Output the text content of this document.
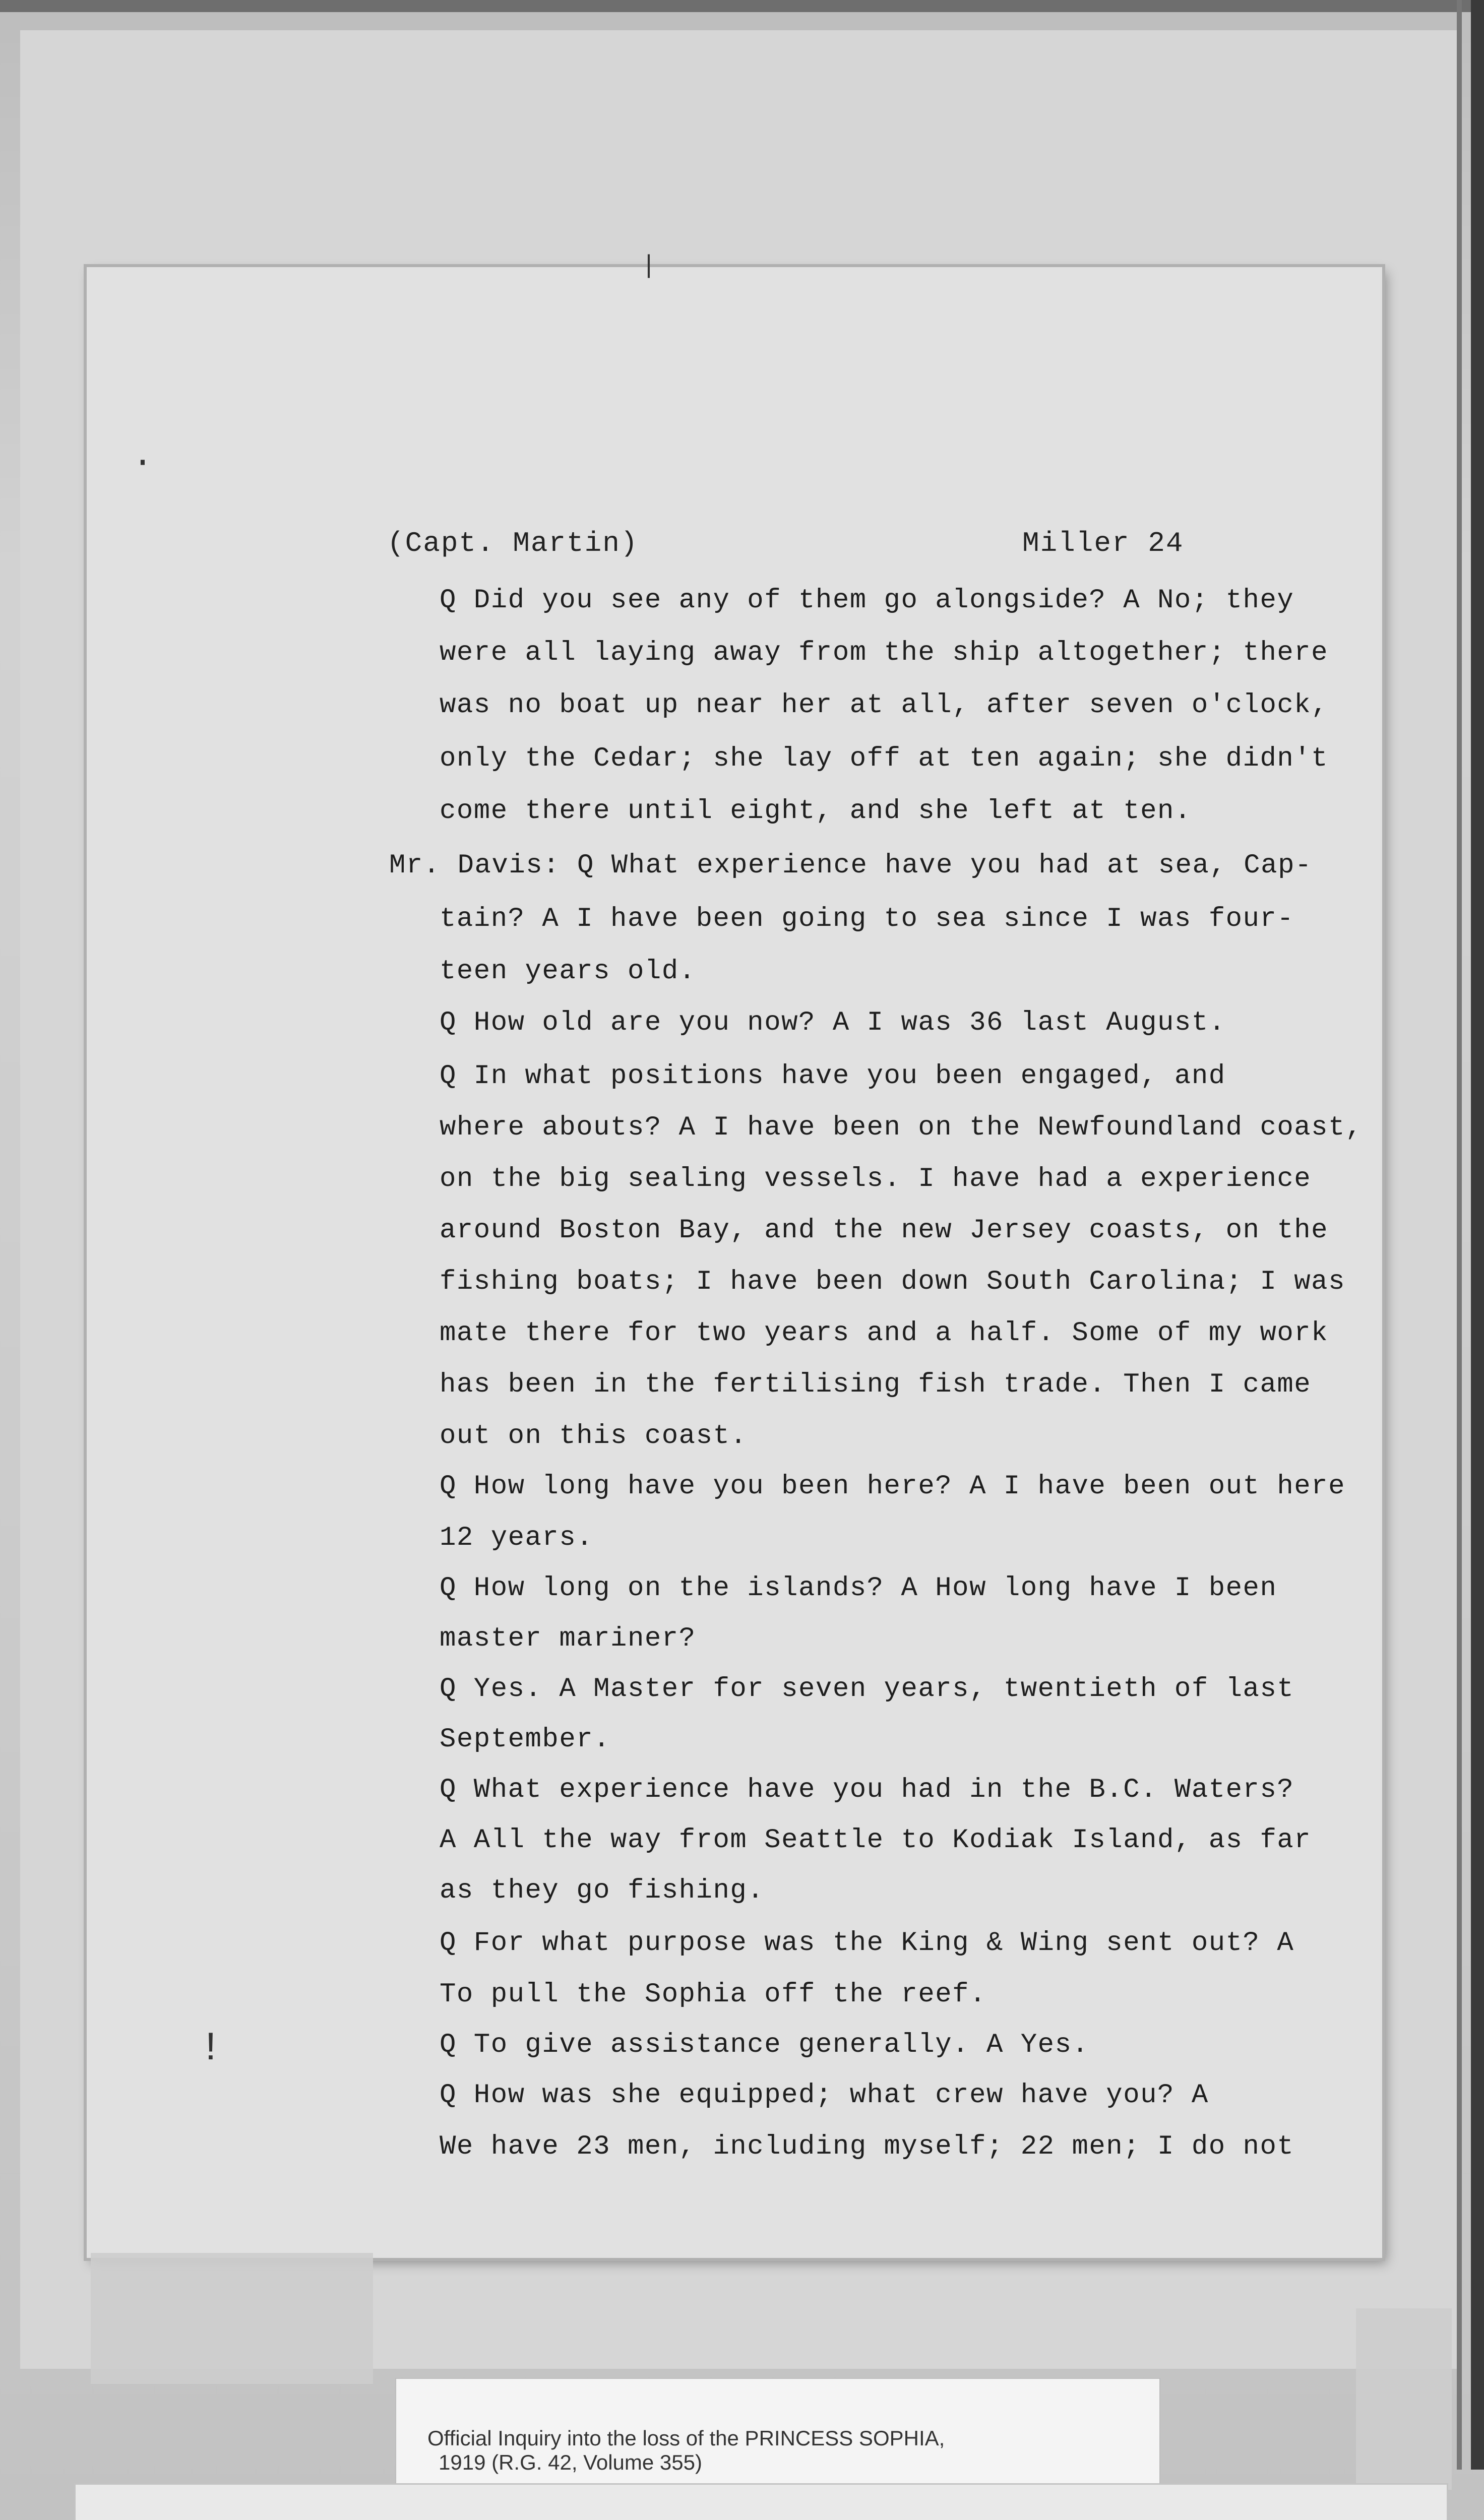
·
|
!
(Capt. Martin)	Miller 24
Q Did you see any of them go alongside? A No; they
were all laying away from the ship altogether; there
was no boat up near her at all, after seven o'clock,
only the Cedar; she lay off at ten again; she didn't
come there until eight, and she left at ten.
Mr. Davis: Q What experience have you had at sea, Cap-
tain? A I have been going to sea since I was four-
teen years old.
Q How old are you now? A I was 36 last August.
Q In what positions have you been engaged, and
where abouts? A I have been on the Newfoundland coast,
on the big sealing vessels. I have had a experience
around Boston Bay, and the new Jersey coasts, on the
fishing boats; I have been down South Carolina; I was
mate there for two years and a half. Some of my work
has been in the fertilising fish trade. Then I came
out on this coast.
Q How long have you been here? A I have been out here
12 years.
Q How long on the islands? A How long have I been
master mariner?
Q Yes. A Master for seven years, twentieth of last
September.
Q What experience have you had in the B.C. Waters?
A All the way from Seattle to Kodiak Island, as far
as they go fishing.
Q For what purpose was the King & Wing sent out? A
To pull the Sophia off the reef.
Q To give assistance generally. A Yes.
Q How was she equipped; what crew have you? A
We have 23 men, including myself; 22 men; I do not
Official Inquiry into the loss of the PRINCESS SOPHIA,
1919 (R.G. 42, Volume 355)
